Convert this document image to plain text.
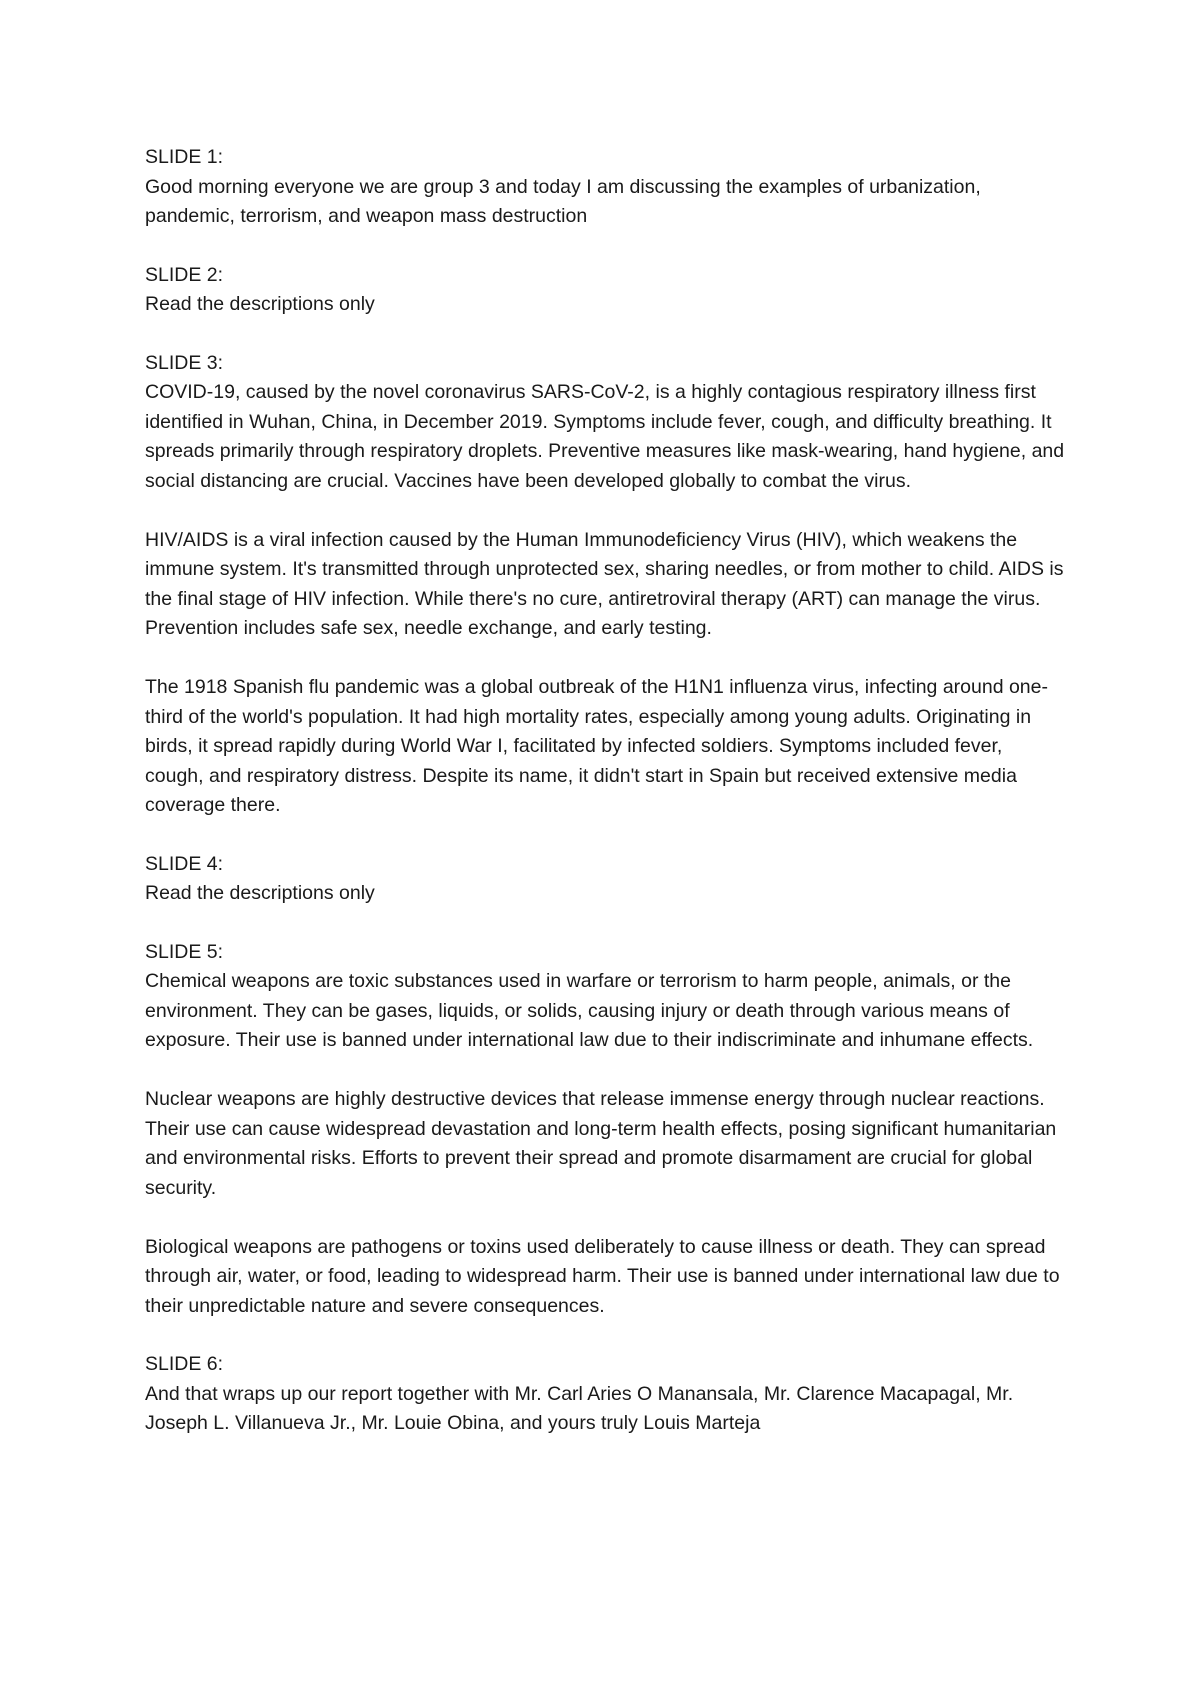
SLIDE 1:

Good morning everyone we are group 3 and today I am discussing the examples of urbanization, pandemic, terrorism, and weapon mass destruction

SLIDE 2:

Read the descriptions only

SLIDE 3:

COVID-19, caused by the novel coronavirus SARS-CoV-2, is a highly contagious respiratory illness first identified in Wuhan, China, in December 2019. Symptoms include fever, cough, and difficulty breathing. It spreads primarily through respiratory droplets. Preventive measures like mask-wearing, hand hygiene, and social distancing are crucial. Vaccines have been developed globally to combat the virus.

HIV/AIDS is a viral infection caused by the Human Immunodeficiency Virus (HIV), which weakens the immune system. It's transmitted through unprotected sex, sharing needles, or from mother to child. AIDS is the final stage of HIV infection. While there's no cure, antiretroviral therapy (ART) can manage the virus. Prevention includes safe sex, needle exchange, and early testing.

The 1918 Spanish flu pandemic was a global outbreak of the H1N1 influenza virus, infecting around one-third of the world's population. It had high mortality rates, especially among young adults. Originating in birds, it spread rapidly during World War I, facilitated by infected soldiers. Symptoms included fever, cough, and respiratory distress. Despite its name, it didn't start in Spain but received extensive media coverage there.

SLIDE 4:

Read the descriptions only

SLIDE 5:

Chemical weapons are toxic substances used in warfare or terrorism to harm people, animals, or the environment. They can be gases, liquids, or solids, causing injury or death through various means of exposure. Their use is banned under international law due to their indiscriminate and inhumane effects.

Nuclear weapons are highly destructive devices that release immense energy through nuclear reactions. Their use can cause widespread devastation and long-term health effects, posing significant humanitarian and environmental risks. Efforts to prevent their spread and promote disarmament are crucial for global security.

Biological weapons are pathogens or toxins used deliberately to cause illness or death. They can spread through air, water, or food, leading to widespread harm. Their use is banned under international law due to their unpredictable nature and severe consequences.

SLIDE 6:

And that wraps up our report together with Mr. Carl Aries O Manansala, Mr. Clarence Macapagal, Mr. Joseph L. Villanueva Jr., Mr. Louie Obina, and yours truly Louis Marteja
